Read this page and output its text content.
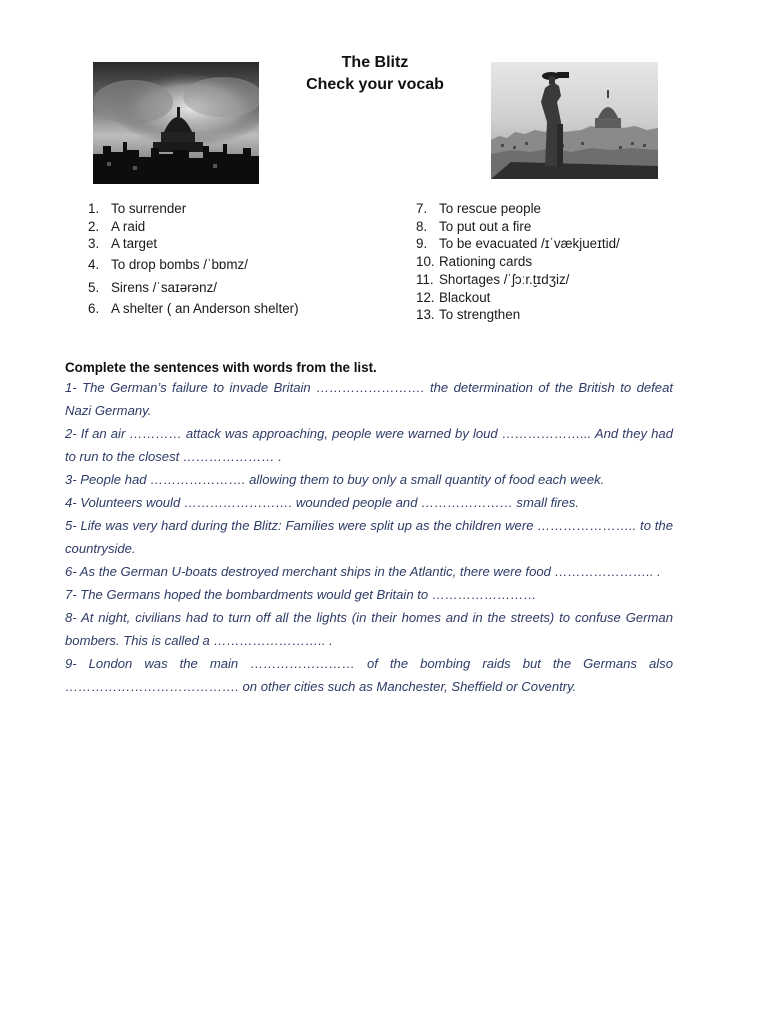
The Blitz
Check your vocab
1. To surrender
2. A raid
3. A target
4. To drop bombs /ˈbɒmz/
5. Sirens /ˈsaɪərənz/
6. A shelter ( an Anderson shelter)
7. To rescue people
8. To put out a fire
9. To be evacuated /ɪˈvækjueɪtid/
10. Rationing cards
11. Shortages /ˈʃɔːr.t̬ɪdʒiz/
12. Blackout
13. To strengthen
Complete the sentences with words from the list.

1- The German’s failure to invade Britain ……………………. the determination of the British to defeat Nazi Germany.

2- If an air ………… attack was approaching, people were warned by loud ………………... And they had to run to the closest ………………… .

3- People had …………………. allowing them to buy only a small quantity of food each week.

4- Volunteers would ……………………. wounded people and ………………… small fires.

5- Life was very hard during the Blitz: Families were split up as the children were ………………….. to the countryside.

6- As the German U-boats destroyed merchant ships in the Atlantic, there were food ………………….. .

7- The Germans hoped the bombardments would get Britain to ……………………

8- At night, civilians had to turn off all the lights (in their homes and in the streets) to confuse German bombers. This is called a …………………….. .

9- London was the main …………………… of the bombing raids but the Germans also …………………………………. on other cities such as Manchester, Sheffield or Coventry.
